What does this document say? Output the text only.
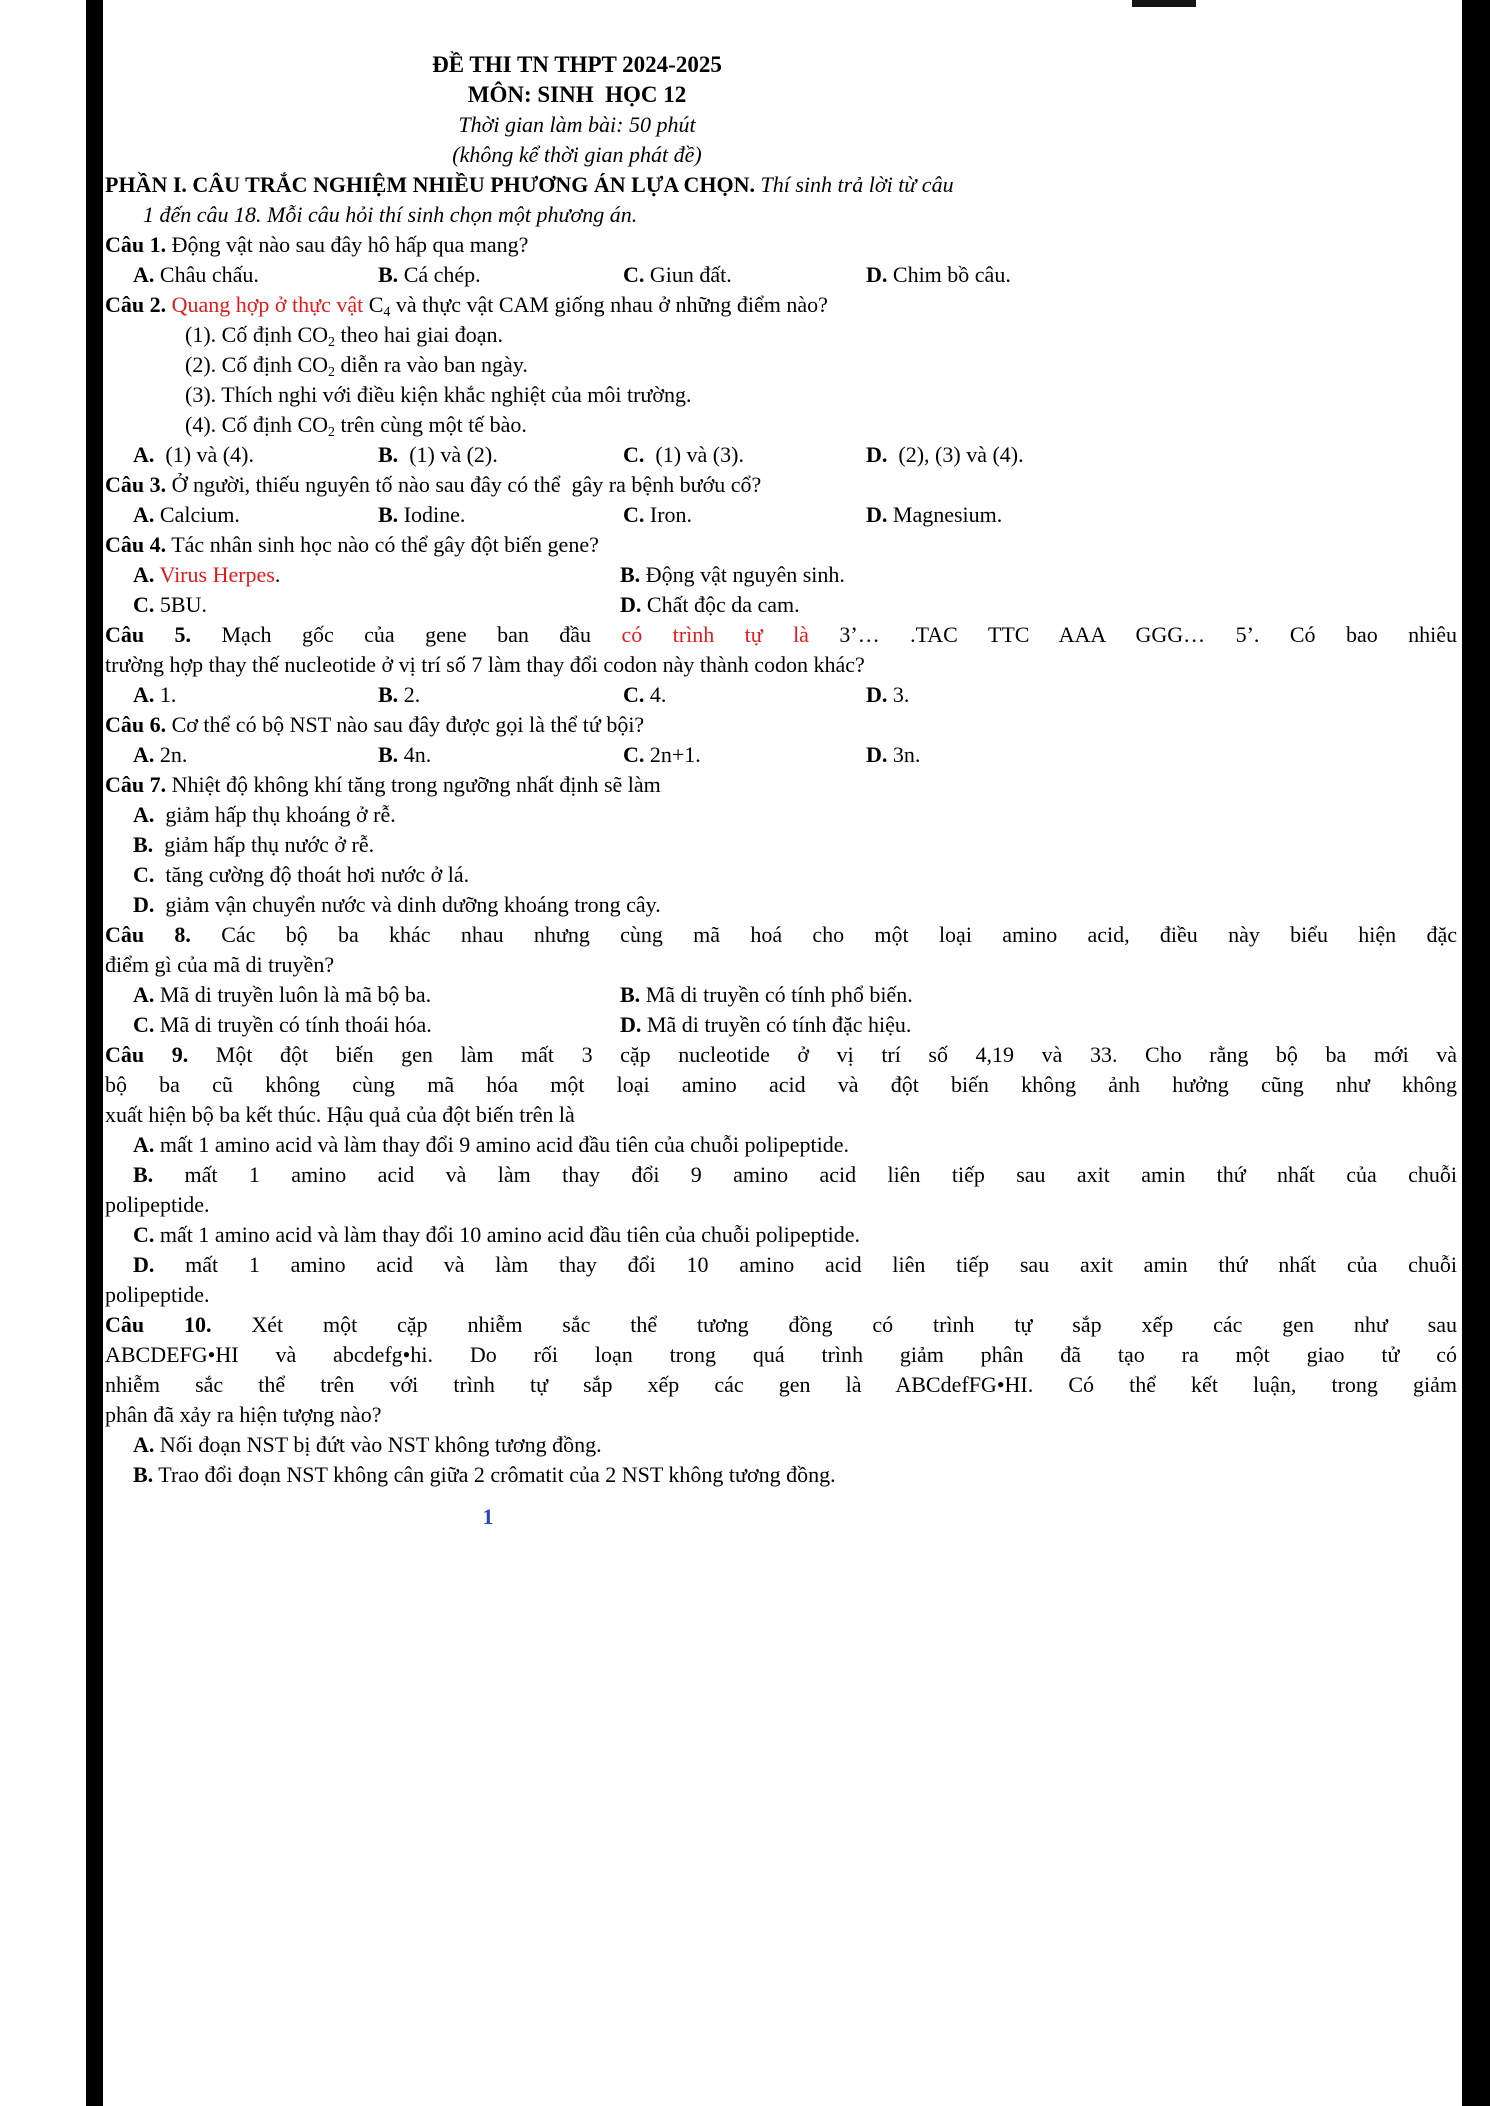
ĐỀ THI TN THPT 2024-2025
MÔN: SINH  HỌC 12
Thời gian làm bài: 50 phút
(không kể thời gian phát đề)
PHẦN I. CÂU TRẮC NGHIỆM NHIỀU PHƯƠNG ÁN LỰA CHỌN. Thí sinh trả lời từ câu
1 đến câu 18. Mỗi câu hỏi thí sinh chọn một phương án.
Câu 1. Động vật nào sau đây hô hấp qua mang?
A. Châu chấu.	B. Cá chép.	C. Giun đất.	D. Chim bồ câu.
Câu 2. Quang hợp ở thực vật $C_4$ và thực vật CAM giống nhau ở những điểm nào?
(1). Cố định $CO_2$ theo hai giai đoạn.
(2). Cố định $CO_2$ diễn ra vào ban ngày.
(3). Thích nghi với điều kiện khắc nghiệt của môi trường.
(4). Cố định $CO_2$ trên cùng một tế bào.
A.  (1) và (4).	B.  (1) và (2).	C.  (1) và (3).	D.  (2), (3) và (4).
Câu 3. Ở người, thiếu nguyên tố nào sau đây có thể  gây ra bệnh bướu cổ?
A. Calcium.	B. Iodine.	C. Iron.	D. Magnesium.
Câu 4. Tác nhân sinh học nào có thể gây đột biến gene?
A. Virus Herpes.	B. Động vật nguyên sinh.
C. 5BU.	D. Chất độc da cam.
Câu 5. Mạch gốc của gene ban đầu có trình tự là 3’… .TAC TTC AAA GGG… 5’. Có bao nhiêu
trường hợp thay thế nucleotide ở vị trí số 7 làm thay đổi codon này thành codon khác?
A. 1.	B. 2.	C. 4.	D. 3.
Câu 6. Cơ thể có bộ NST nào sau đây được gọi là thể tứ bội?
A. 2n.	B. 4n.	C. 2n+1.	D. 3n.
Câu 7. Nhiệt độ không khí tăng trong ngưỡng nhất định sẽ làm
A.  giảm hấp thụ khoáng ở rễ.
B.  giảm hấp thụ nước ở rễ.
C.  tăng cường độ thoát hơi nước ở lá.
D.  giảm vận chuyển nước và dinh dưỡng khoáng trong cây.
Câu 8. Các bộ ba khác nhau nhưng cùng mã hoá cho một loại amino acid, điều này biểu hiện đặc
điểm gì của mã di truyền?
A. Mã di truyền luôn là mã bộ ba.	B. Mã di truyền có tính phổ biến.
C. Mã di truyền có tính thoái hóa.	D. Mã di truyền có tính đặc hiệu.
Câu 9. Một đột biến gen làm mất 3 cặp nucleotide ở vị trí số 4,19 và 33. Cho rằng bộ ba mới và
bộ ba cũ không cùng mã hóa một loại amino acid và đột biến không ảnh hưởng cũng như không
xuất hiện bộ ba kết thúc. Hậu quả của đột biến trên là
A. mất 1 amino acid và làm thay đổi 9 amino acid đầu tiên của chuỗi polipeptide.
B. mất 1 amino acid và làm thay đổi 9 amino acid liên tiếp sau axit amin thứ nhất của chuỗi
polipeptide.
C. mất 1 amino acid và làm thay đổi 10 amino acid đầu tiên của chuỗi polipeptide.
D. mất 1 amino acid và làm thay đổi 10 amino acid liên tiếp sau axit amin thứ nhất của chuỗi
polipeptide.
Câu 10. Xét một cặp nhiễm sắc thể tương đồng có trình tự sắp xếp các gen như sau
ABCDEFG•HI và abcdefg•hi. Do rối loạn trong quá trình giảm phân đã tạo ra một giao tử có
nhiễm sắc thể trên với trình tự sắp xếp các gen là ABCdefFG•HI. Có thể kết luận, trong giảm
phân đã xảy ra hiện tượng nào?
A. Nối đoạn NST bị đứt vào NST không tương đồng.
B. Trao đổi đoạn NST không cân giữa 2 crômatit của 2 NST không tương đồng.
1
